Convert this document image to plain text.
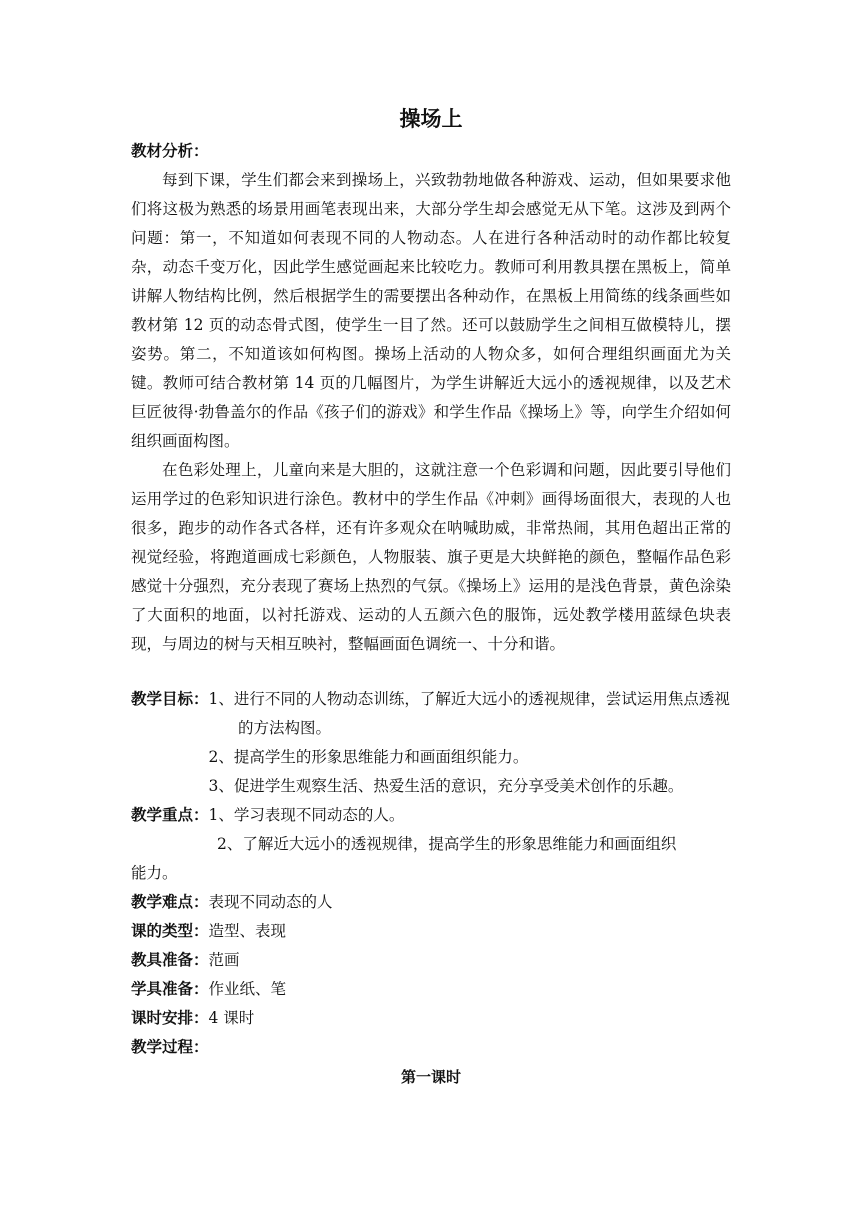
操场上
教材分析：

每到下课，学生们都会来到操场上，兴致勃勃地做各种游戏、运动，但如果要求他们将这极为熟悉的场景用画笔表现出来，大部分学生却会感觉无从下笔。这涉及到两个问题：第一，不知道如何表现不同的人物动态。人在进行各种活动时的动作都比较复杂，动态千变万化，因此学生感觉画起来比较吃力。教师可利用教具摆在黑板上，简单讲解人物结构比例，然后根据学生的需要摆出各种动作，在黑板上用简练的线条画些如教材第 12 页的动态骨式图，使学生一目了然。还可以鼓励学生之间相互做模特儿，摆姿势。第二，不知道该如何构图。操场上活动的人物众多，如何合理组织画面尤为关键。教师可结合教材第 14 页的几幅图片，为学生讲解近大远小的透视规律，以及艺术巨匠彼得·勃鲁盖尔的作品《孩子们的游戏》和学生作品《操场上》等，向学生介绍如何组织画面构图。

在色彩处理上，儿童向来是大胆的，这就注意一个色彩调和问题，因此要引导他们运用学过的色彩知识进行涂色。教材中的学生作品《冲刺》画得场面很大，表现的人也很多，跑步的动作各式各样，还有许多观众在呐喊助威，非常热闹，其用色超出正常的视觉经验，将跑道画成七彩颜色，人物服装、旗子更是大块鲜艳的颜色，整幅作品色彩感觉十分强烈，充分表现了赛场上热烈的气氛。《操场上》运用的是浅色背景，黄色涂染了大面积的地面，以衬托游戏、运动的人五颜六色的服饰，远处教学楼用蓝绿色块表现，与周边的树与天相互映衬，整幅画面色调统一、十分和谐。

教学目标： 1、进行不同的人物动态训练，了解近大远小的透视规律，尝试运用焦点透视的方法构图。
2、提高学生的形象思维能力和画面组织能力。
3、促进学生观察生活、热爱生活的意识，充分享受美术创作的乐趣。
教学重点： 1、学习表现不同动态的人。
2、了解近大远小的透视规律，提高学生的形象思维能力和画面组织
能力。
教学难点： 表现不同动态的人
课的类型： 造型、表现
教具准备： 范画
学具准备： 作业纸、笔
课时安排： 4 课时
教学过程：
第一课时
